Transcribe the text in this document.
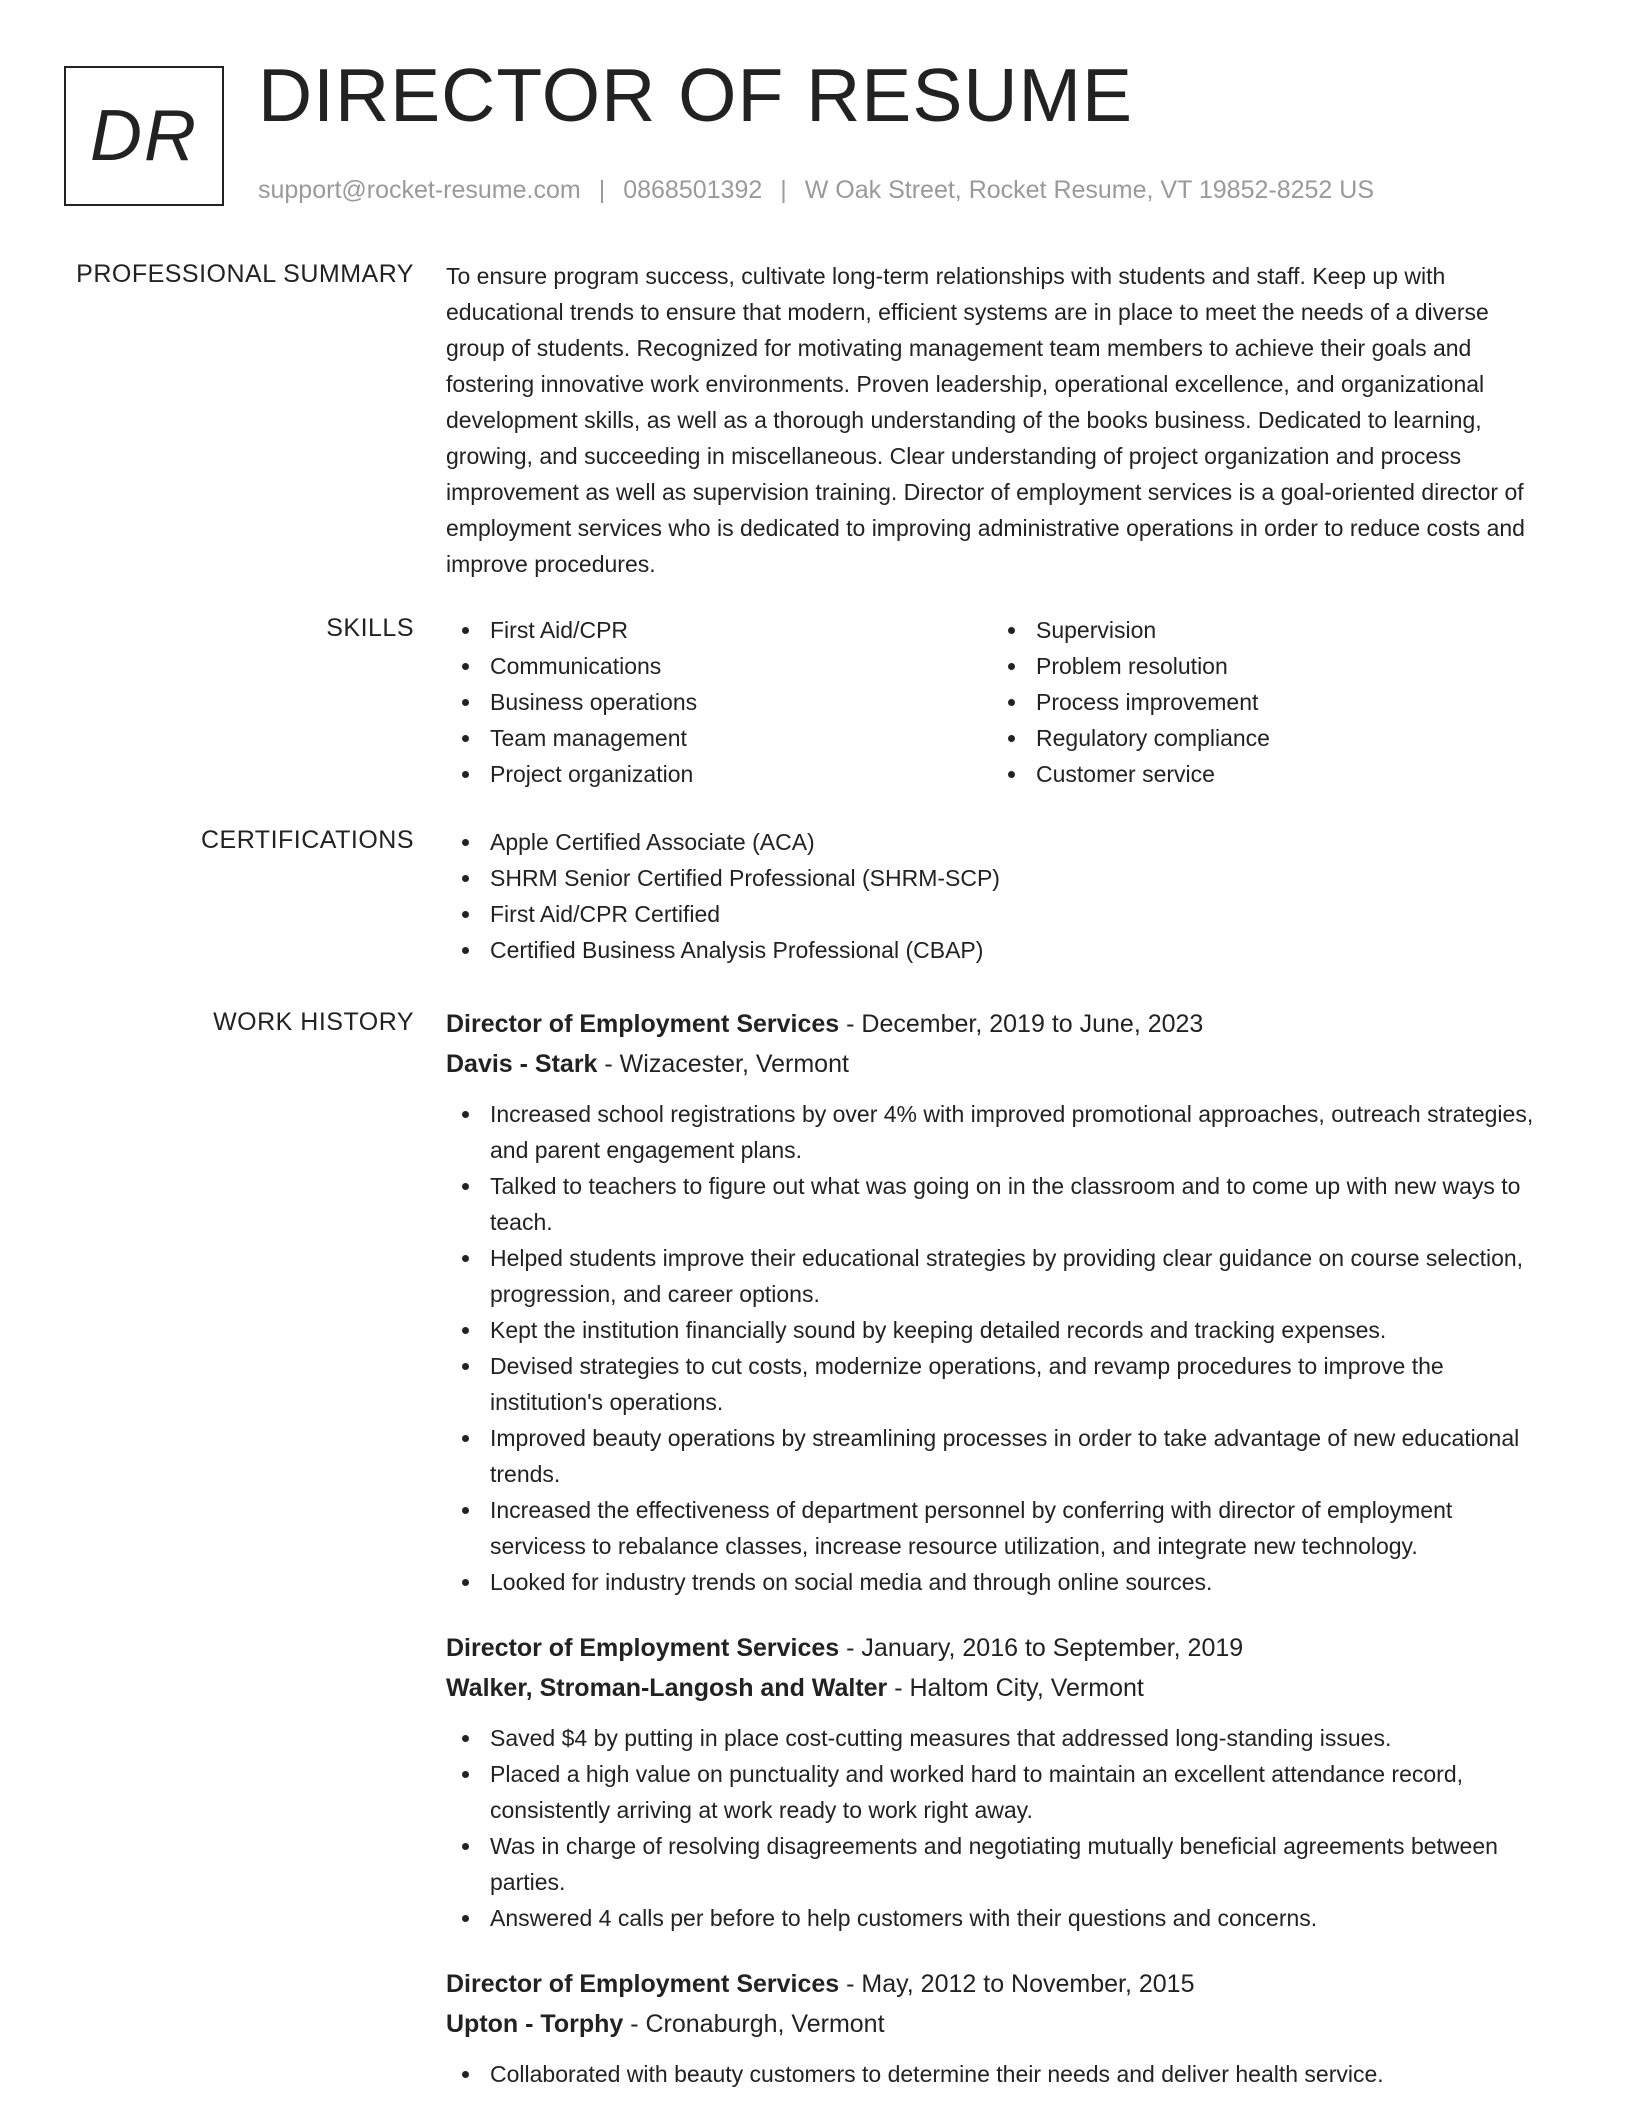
DR DIRECTOR OF RESUME
support@rocket-resume.com | 0868501392 | W Oak Street, Rocket Resume, VT 19852-8252 US
PROFESSIONAL SUMMARY To ensure program success, cultivate long-term relationships with students and staff. Keep up with educational trends to ensure that modern, efficient systems are in place to meet the needs of a diverse group of students. Recognized for motivating management team members to achieve their goals and fostering innovative work environments. Proven leadership, operational excellence, and organizational development skills, as well as a thorough understanding of the books business. Dedicated to learning, growing, and succeeding in miscellaneous. Clear understanding of project organization and process improvement as well as supervision training. Director of employment services is a goal-oriented director of employment services who is dedicated to improving administrative operations in order to reduce costs and improve procedures.

SKILLS	First Aid/CPR
Communications
Business operations
Team management
Project organization
Supervision
Problem resolution
Process improvement
Regulatory compliance
Customer service
CERTIFICATIONS	Apple Certified Associate (ACA)
SHRM Senior Certified Professional (SHRM-SCP)
First Aid/CPR Certified
Certified Business Analysis Professional (CBAP)
WORK HISTORY Director of Employment Services - December, 2019 to June, 2023
Davis - Stark - Wizacester, Vermont
Increased school registrations by over 4% with improved promotional approaches, outreach strategies, and parent engagement plans.
Talked to teachers to figure out what was going on in the classroom and to come up with new ways to teach.
Helped students improve their educational strategies by providing clear guidance on course selection, progression, and career options.
Kept the institution financially sound by keeping detailed records and tracking expenses.
Devised strategies to cut costs, modernize operations, and revamp procedures to improve the institution's operations.
Improved beauty operations by streamlining processes in order to take advantage of new educational trends.
Increased the effectiveness of department personnel by conferring with director of employment servicess to rebalance classes, increase resource utilization, and integrate new technology.
Looked for industry trends on social media and through online sources.
Director of Employment Services - January, 2016 to September, 2019
Walker, Stroman-Langosh and Walter - Haltom City, Vermont
Saved $4 by putting in place cost-cutting measures that addressed long-standing issues.
Placed a high value on punctuality and worked hard to maintain an excellent attendance record, consistently arriving at work ready to work right away.
Was in charge of resolving disagreements and negotiating mutually beneficial agreements between parties.
Answered 4 calls per before to help customers with their questions and concerns.
Director of Employment Services - May, 2012 to November, 2015
Upton - Torphy - Cronaburgh, Vermont
Collaborated with beauty customers to determine their needs and deliver health service.
